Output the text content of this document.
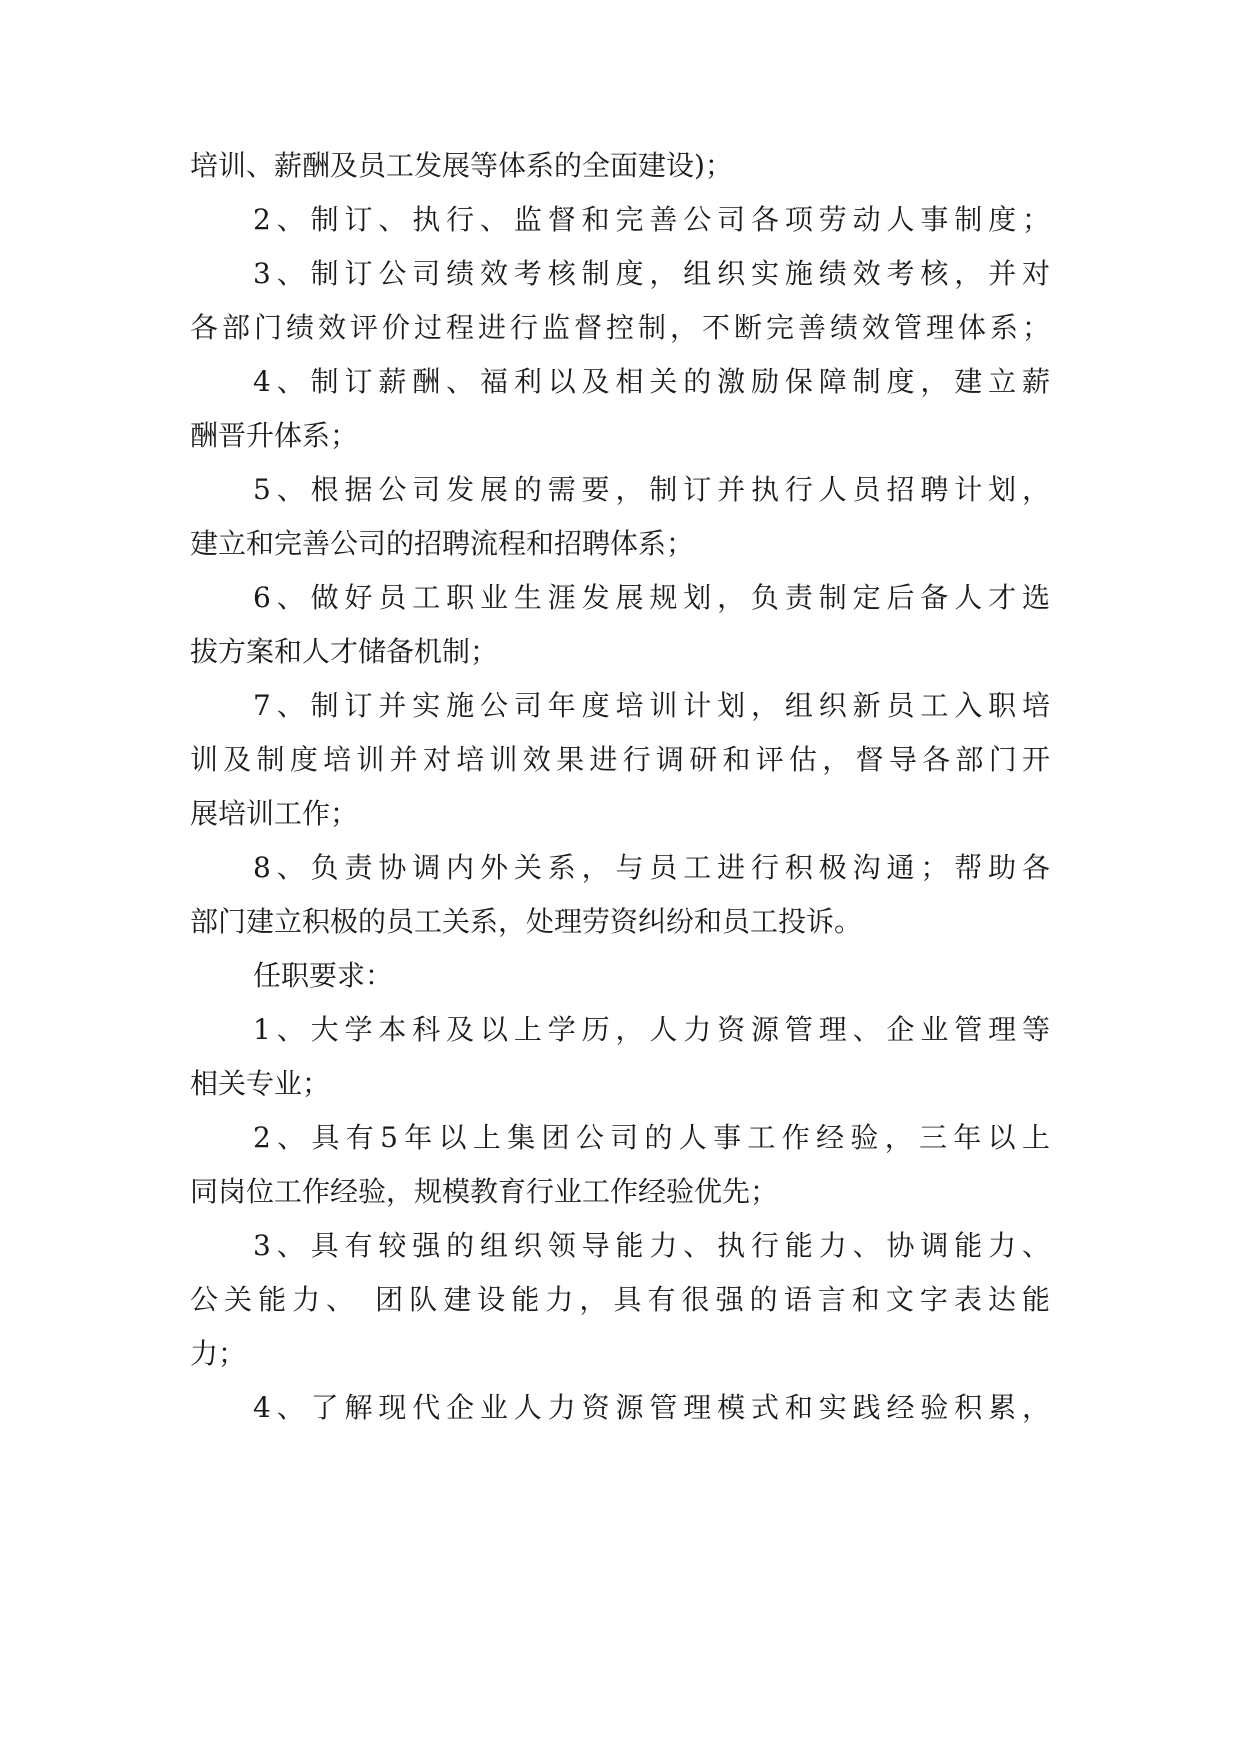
培训、薪酬及员工发展等体系的全面建设)；
2、制订、执行、监督和完善公司各项劳动人事制度；
3、制订公司绩效考核制度，组织实施绩效考核，并对
各部门绩效评价过程进行监督控制，不断完善绩效管理体系；
4、制订薪酬、福利以及相关的激励保障制度，建立薪
酬晋升体系；
5、根据公司发展的需要，制订并执行人员招聘计划，
建立和完善公司的招聘流程和招聘体系；
6、做好员工职业生涯发展规划，负责制定后备人才选
拔方案和人才储备机制；
7、制订并实施公司年度培训计划，组织新员工入职培
训及制度培训并对培训效果进行调研和评估，督导各部门开
展培训工作；
8、负责协调内外关系，与员工进行积极沟通；帮助各
部门建立积极的员工关系，处理劳资纠纷和员工投诉。
任职要求：
1、大学本科及以上学历，人力资源管理、企业管理等
相关专业；
2、具有5年以上集团公司的人事工作经验，三年以上
同岗位工作经验，规模教育行业工作经验优先；
3、具有较强的组织领导能力、执行能力、协调能力、
公关能力、 团队建设能力，具有很强的语言和文字表达能
力；
4、了解现代企业人力资源管理模式和实践经验积累，
